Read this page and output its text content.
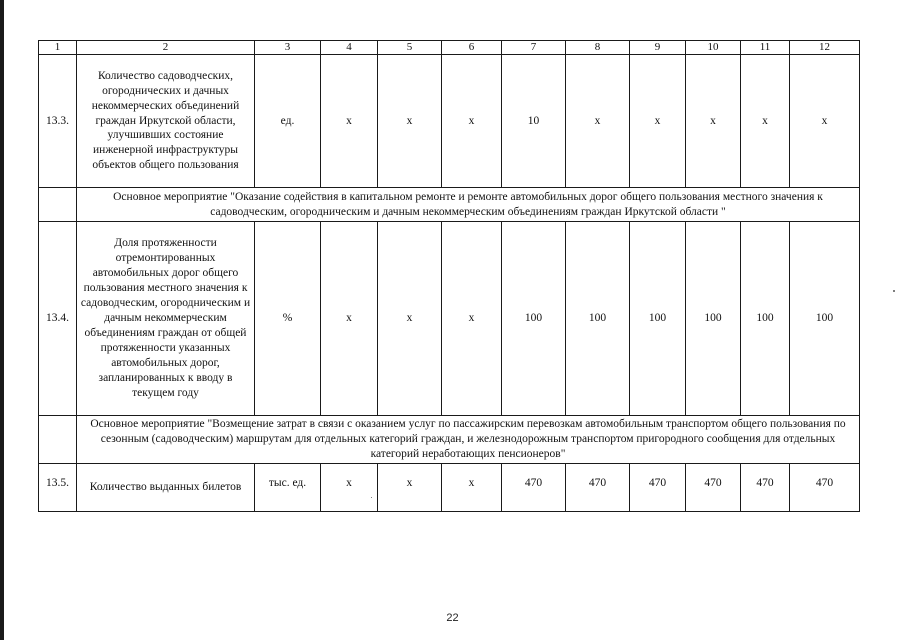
1	2	3	4	5	6	7	8	9	10	11	12
13.3.	Количество садоводческих, огороднических и дачных некоммерческих объединений граждан Иркутской области, улучшивших состояние инженерной инфраструктуры объектов общего пользования	ед.	x	x	x	10	x	x	x	x	x
	Основное мероприятие "Оказание содействия в капитальном ремонте и ремонте автомобильных дорог общего пользования местного значения к садоводческим, огородническим и дачным некоммерческим объединениям граждан Иркутской области "										
13.4.	Доля протяженности отремонтированных автомобильных дорог общего пользования местного значения к садоводческим, огородническим и дачным некоммерческим объединениям граждан от общей протяженности указанных автомобильных дорог, запланированных к вводу в текущем году	%	x	x	x	100	100	100	100	100	100
	Основное мероприятие "Возмещение затрат в связи с оказанием услуг по пассажирским перевозкам автомобильным транспортом общего пользования по сезонным (садоводческим) маршрутам для отдельных категорий граждан, и железнодорожным транспортом пригородного сообщения для отдельных категорий неработающих пенсионеров"										
13.5.	Количество выданных билетов	тыс. ед.	x	x	x	470	470	470	470	470	470
22
